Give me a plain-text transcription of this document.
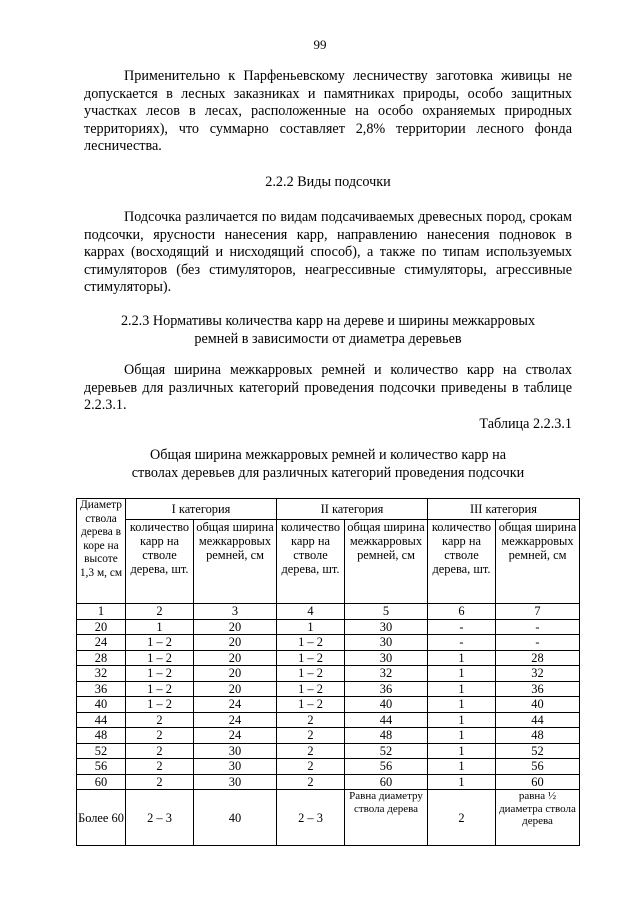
99
Применительно к Парфеньевскому лесничеству заготовка живицы не допускается в лесных заказниках и памятниках природы, особо защитных участках лесов в лесах, расположенные на особо охраняемых природных территориях), что суммарно составляет 2,8% территории лесного фонда лесничества.
2.2.2 Виды подсочки
Подсочка различается по видам подсачиваемых древесных пород, срокам подсочки, ярусности нанесения карр, направлению нанесения подновок в каррах (восходящий и нисходящий способ), а также по типам используемых стимуляторов (без стимуляторов, неагрессивные стимуляторы, агрессивные стимуляторы).
2.2.3 Нормативы количества карр на дереве и ширины межкарровых
ремней в зависимости от диаметра деревьев
Общая ширина межкарровых ремней и количество карр на стволах деревьев для различных категорий проведения подсочки приведены в таблице 2.2.3.1.
Таблица 2.2.3.1
Общая ширина межкарровых ремней и количество карр на
стволах деревьев для различных категорий проведения подсочки
Диаметр ствола дерева в коре на высоте 1,3 м, см	I категория		II категория		III категория	
	количество карр на стволе дерева, шт.	общая ширина межкарровых ремней, см	количество карр на стволе дерева, шт.	общая ширина межкарровых ремней, см	количество карр на стволе дерева, шт.	общая ширина межкарровых ремней, см
1	2	3	4	5	6	7
20	1	20	1	30	-	-
24	1 – 2	20	1 – 2	30	-	-
28	1 – 2	20	1 – 2	30	1	28
32	1 – 2	20	1 – 2	32	1	32
36	1 – 2	20	1 – 2	36	1	36
40	1 – 2	24	1 – 2	40	1	40
44	2	24	2	44	1	44
48	2	24	2	48	1	48
52	2	30	2	52	1	52
56	2	30	2	56	1	56
60	2	30	2	60	1	60
Более 60	2 – 3	40	2 – 3	Равна диаметру ствола дерева	2	равна ½ диаметра ствола дерева
